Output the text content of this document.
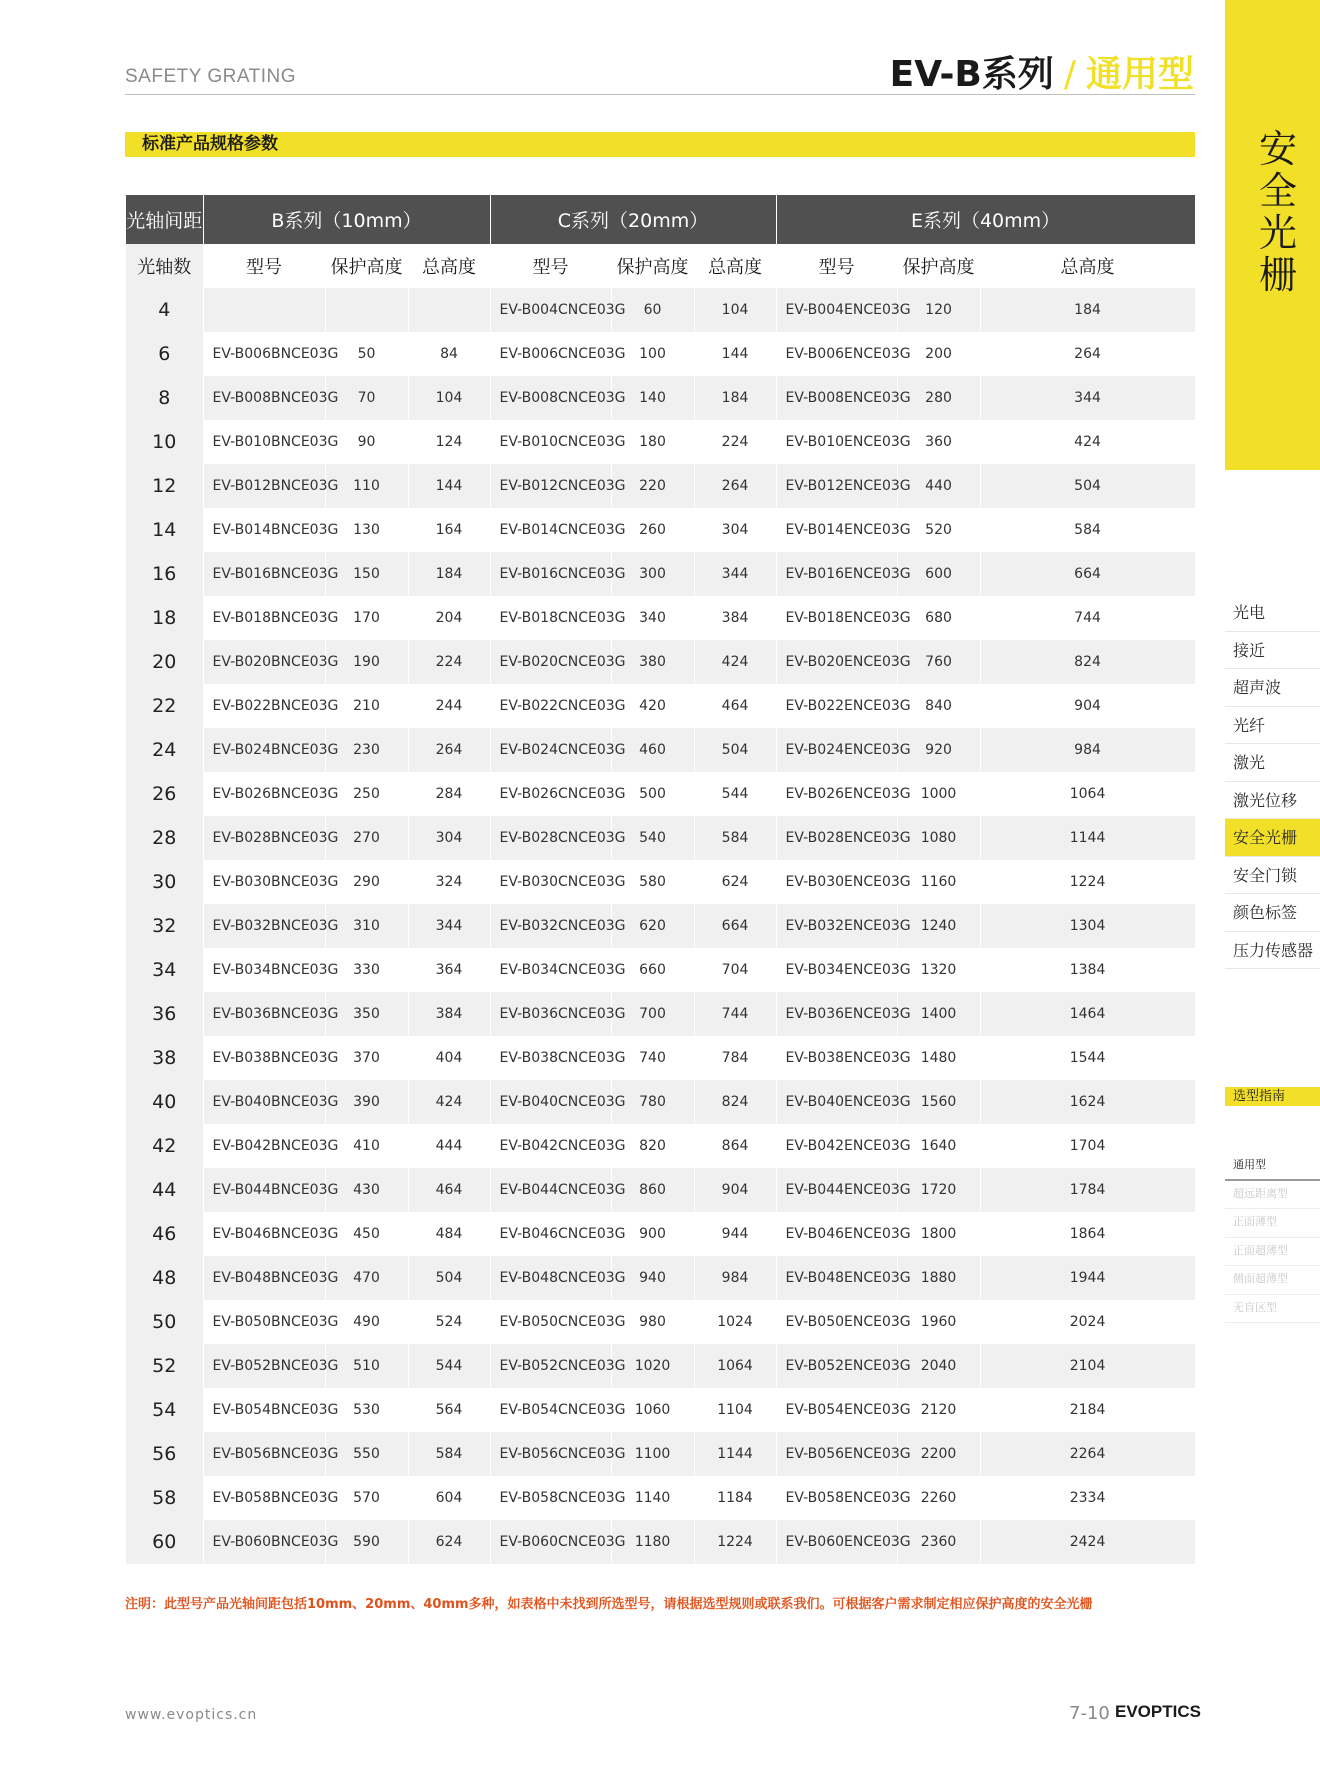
SAFETY GRATING	EV-B系列 / 通用型
标准产品规格参数
光轴间距	B系列（10mm）			C系列（20mm）			E系列（40mm）		
光轴数	型号	保护高度	总高度	型号	保护高度	总高度	型号	保护高度	总高度
4				EV-B004CNCE03G	60	104	EV-B004ENCE03G	120	184
6	EV-B006BNCE03G	50	84	EV-B006CNCE03G	100	144	EV-B006ENCE03G	200	264
8	EV-B008BNCE03G	70	104	EV-B008CNCE03G	140	184	EV-B008ENCE03G	280	344
10	EV-B010BNCE03G	90	124	EV-B010CNCE03G	180	224	EV-B010ENCE03G	360	424
12	EV-B012BNCE03G	110	144	EV-B012CNCE03G	220	264	EV-B012ENCE03G	440	504
14	EV-B014BNCE03G	130	164	EV-B014CNCE03G	260	304	EV-B014ENCE03G	520	584
16	EV-B016BNCE03G	150	184	EV-B016CNCE03G	300	344	EV-B016ENCE03G	600	664
18	EV-B018BNCE03G	170	204	EV-B018CNCE03G	340	384	EV-B018ENCE03G	680	744
20	EV-B020BNCE03G	190	224	EV-B020CNCE03G	380	424	EV-B020ENCE03G	760	824
22	EV-B022BNCE03G	210	244	EV-B022CNCE03G	420	464	EV-B022ENCE03G	840	904
24	EV-B024BNCE03G	230	264	EV-B024CNCE03G	460	504	EV-B024ENCE03G	920	984
26	EV-B026BNCE03G	250	284	EV-B026CNCE03G	500	544	EV-B026ENCE03G	1000	1064
28	EV-B028BNCE03G	270	304	EV-B028CNCE03G	540	584	EV-B028ENCE03G	1080	1144
30	EV-B030BNCE03G	290	324	EV-B030CNCE03G	580	624	EV-B030ENCE03G	1160	1224
32	EV-B032BNCE03G	310	344	EV-B032CNCE03G	620	664	EV-B032ENCE03G	1240	1304
34	EV-B034BNCE03G	330	364	EV-B034CNCE03G	660	704	EV-B034ENCE03G	1320	1384
36	EV-B036BNCE03G	350	384	EV-B036CNCE03G	700	744	EV-B036ENCE03G	1400	1464
38	EV-B038BNCE03G	370	404	EV-B038CNCE03G	740	784	EV-B038ENCE03G	1480	1544
40	EV-B040BNCE03G	390	424	EV-B040CNCE03G	780	824	EV-B040ENCE03G	1560	1624
42	EV-B042BNCE03G	410	444	EV-B042CNCE03G	820	864	EV-B042ENCE03G	1640	1704
44	EV-B044BNCE03G	430	464	EV-B044CNCE03G	860	904	EV-B044ENCE03G	1720	1784
46	EV-B046BNCE03G	450	484	EV-B046CNCE03G	900	944	EV-B046ENCE03G	1800	1864
48	EV-B048BNCE03G	470	504	EV-B048CNCE03G	940	984	EV-B048ENCE03G	1880	1944
50	EV-B050BNCE03G	490	524	EV-B050CNCE03G	980	1024	EV-B050ENCE03G	1960	2024
52	EV-B052BNCE03G	510	544	EV-B052CNCE03G	1020	1064	EV-B052ENCE03G	2040	2104
54	EV-B054BNCE03G	530	564	EV-B054CNCE03G	1060	1104	EV-B054ENCE03G	2120	2184
56	EV-B056BNCE03G	550	584	EV-B056CNCE03G	1100	1144	EV-B056ENCE03G	2200	2264
58	EV-B058BNCE03G	570	604	EV-B058CNCE03G	1140	1184	EV-B058ENCE03G	2260	2334
60	EV-B060BNCE03G	590	624	EV-B060CNCE03G	1180	1224	EV-B060ENCE03G	2360	2424
注明：此型号产品光轴间距包括10mm、20mm、40mm多种，如表格中未找到所选型号，请根据选型规则或联系我们。可根据客户需求制定相应保护高度的安全光栅
www.evoptics.cn	7-10 EVOPTICS
安全光栅
光电
接近
超声波
光纤
激光
激光位移
安全光栅
安全门锁
颜色标签
压力传感器
选型指南
通用型
超远距离型
正面薄型
正面超薄型
侧面超薄型
无盲区型
